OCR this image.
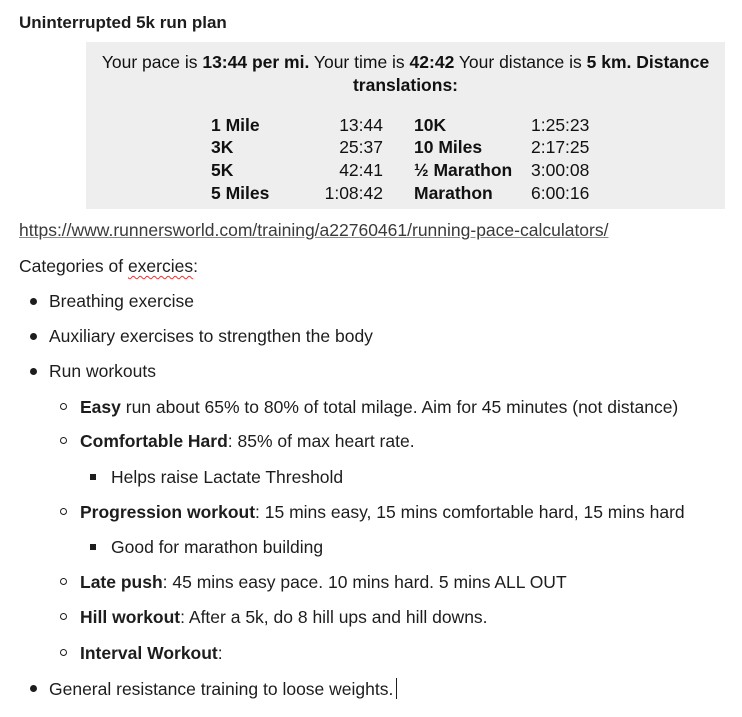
Uninterrupted 5k run plan
Your pace is 13:44 per mi. Your time is 42:42 Your distance is 5 km. Distance translations:
1 Mile	13:44 10K	1:25:23
3K	25:37 10 Miles	2:17:25
5K	42:41 ½ Marathon 3:00:08
5 Miles	1:08:42 Marathon 6:00:16
https://www.runnersworld.com/training/a22760461/running-pace-calculators/
Categories of exercies:
Breathing exercise
Auxiliary exercises to strengthen the body
Run workouts
Easy run about 65% to 80% of total milage. Aim for 45 minutes (not distance)
Comfortable Hard: 85% of max heart rate.
Helps raise Lactate Threshold
Progression workout: 15 mins easy, 15 mins comfortable hard, 15 mins hard
Good for marathon building
Late push: 45 mins easy pace. 10 mins hard. 5 mins ALL OUT
Hill workout: After a 5k, do 8 hill ups and hill downs.
Interval Workout:
General resistance training to loose weights.
